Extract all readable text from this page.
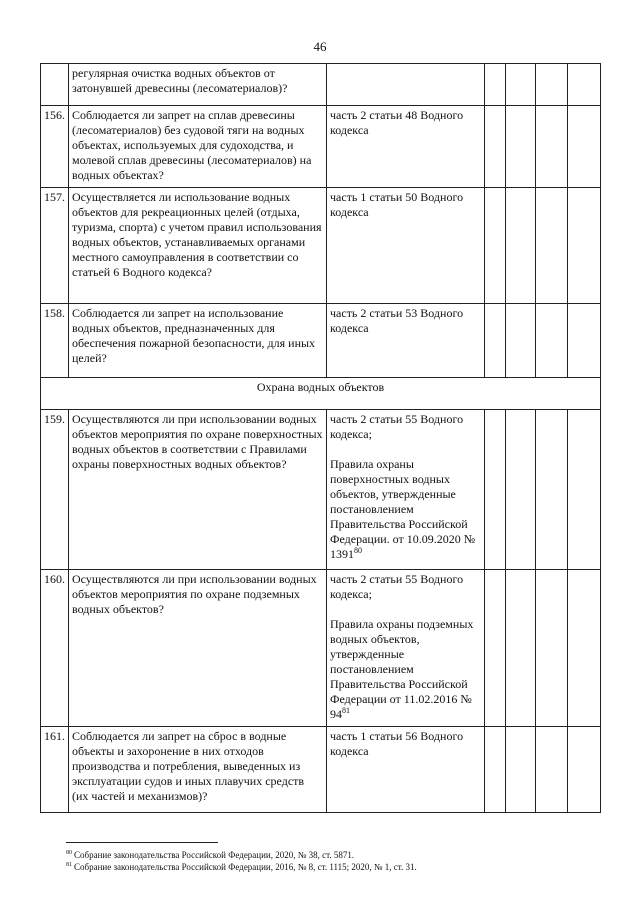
46
	регулярная очистка водных объектов от затонувшей древесины (лесоматериалов)?	

156.	Соблюдается ли запрет на сплав древесины (лесоматериалов) без судовой тяги на водных объектах, используемых для судоходства, и молевой сплав древесины (лесоматериалов) на водных объектах?	часть 2 статьи 48 Водного кодекса				

157.	Осуществляется ли использование водных объектов для рекреационных целей (отдыха, туризма, спорта) с учетом правил использования водных объектов, устанавливаемых органами местного самоуправления в соответствии со статьей 6 Водного кодекса?	часть 1 статьи 50 Водного кодекса				

158.	Соблюдается ли запрет на использование водных объектов, предназначенных для обеспечения пожарной безопасности, для иных целей?	часть 2 статьи 53 Водного кодекса				

Охрана водных объектов						
159.	Осуществляются ли при использовании водных объектов мероприятия по охране поверхностных водных объектов в соответствии с Правилами охраны поверхностных водных объектов?	часть 2 статьи 55 Водного кодекса;
Правила охраны поверхностных водных объектов, утвержденные постановлением Правительства Российской Федерации. от 10.09.2020 № 1391$^{80}$				
160.	Осуществляются ли при использовании водных объектов мероприятия по охране подземных водных объектов?	часть 2 статьи 55 Водного кодекса;
Правила охраны подземных водных объектов, утвержденные постановлением Правительства Российской Федерации от 11.02.2016 № $94^{81}$				
161.	Соблюдается ли запрет на сброс в водные объекты и захоронение в них отходов производства и потребления, выведенных из эксплуатации судов и иных плавучих средств (их частей и механизмов)?	часть 1 статьи 56 Водного кодекса				

$^{80}$ Собрание законодательства Российской Федерации, 2020, № 38, ст. 5871.
$^{81}$ Собрание законодательства Российской Федерации, 2016, № 8, ст. 1115; 2020, № 1, ст. 31.
